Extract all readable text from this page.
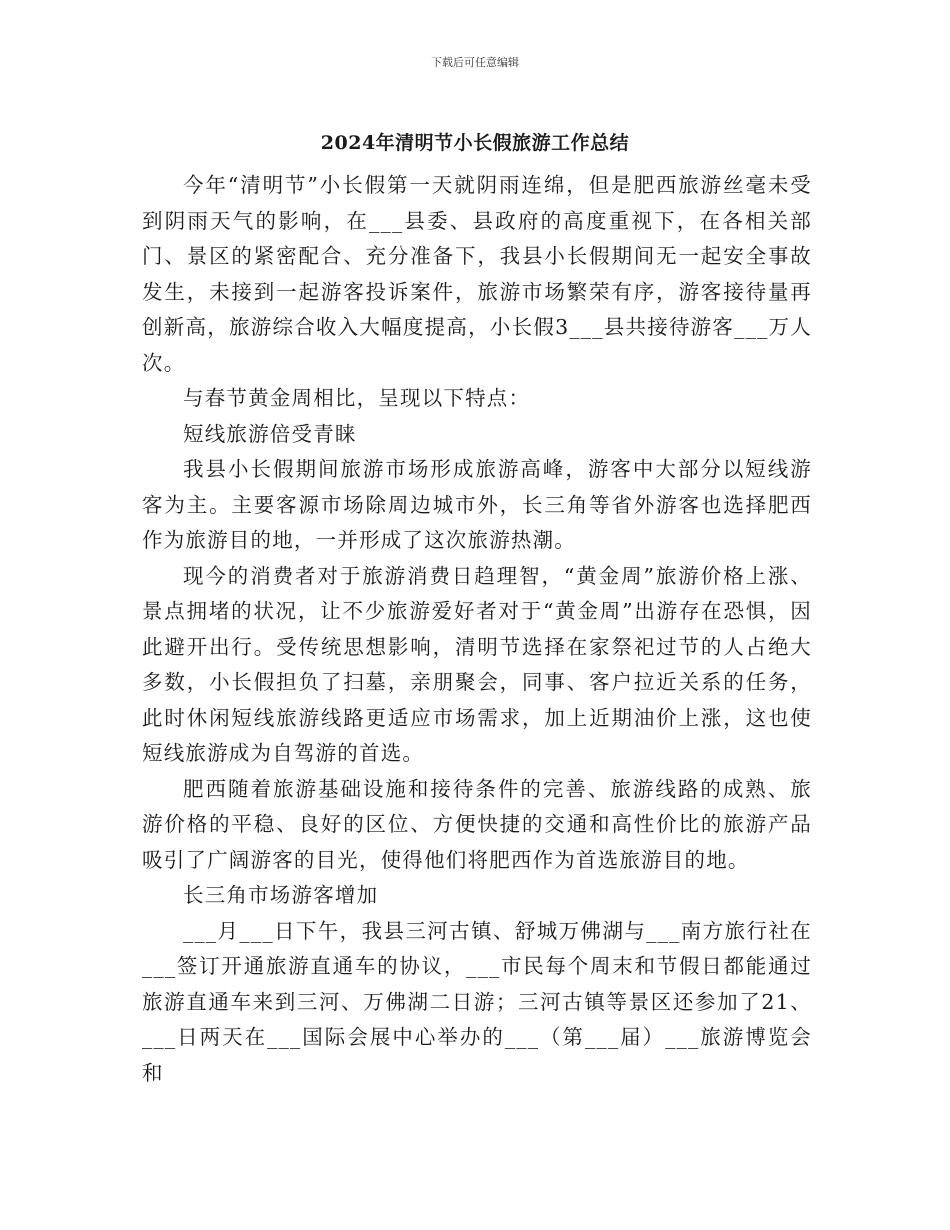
下载后可任意编辑
2024年清明节小长假旅游工作总结

今年“清明节”小长假第一天就阴雨连绵，但是肥西旅游丝毫未受到阴雨天气的影响，在___县委、县政府的高度重视下，在各相关部门、景区的紧密配合、充分准备下，我县小长假期间无一起安全事故发生，未接到一起游客投诉案件，旅游市场繁荣有序，游客接待量再创新高，旅游综合收入大幅度提高，小长假3___县共接待游客___万人次。

与春节黄金周相比，呈现以下特点：

短线旅游倍受青睐

我县小长假期间旅游市场形成旅游高峰，游客中大部分以短线游客为主。主要客源市场除周边城市外，长三角等省外游客也选择肥西作为旅游目的地，一并形成了这次旅游热潮。

现今的消费者对于旅游消费日趋理智，“黄金周”旅游价格上涨、景点拥堵的状况，让不少旅游爱好者对于“黄金周”出游存在恐惧，因此避开出行。受传统思想影响，清明节选择在家祭祀过节的人占绝大多数，小长假担负了扫墓，亲朋聚会，同事、客户拉近关系的任务，此时休闲短线旅游线路更适应市场需求，加上近期油价上涨，这也使短线旅游成为自驾游的首选。

肥西随着旅游基础设施和接待条件的完善、旅游线路的成熟、旅游价格的平稳、良好的区位、方便快捷的交通和高性价比的旅游产品吸引了广阔游客的目光，使得他们将肥西作为首选旅游目的地。

长三角市场游客增加

___月___日下午，我县三河古镇、舒城万佛湖与___南方旅行社在___签订开通旅游直通车的协议，___市民每个周末和节假日都能通过旅游直通车来到三河、万佛湖二日游；三河古镇等景区还参加了21、___日两天在___国际会展中心举办的___（第___届）___旅游博览会和
